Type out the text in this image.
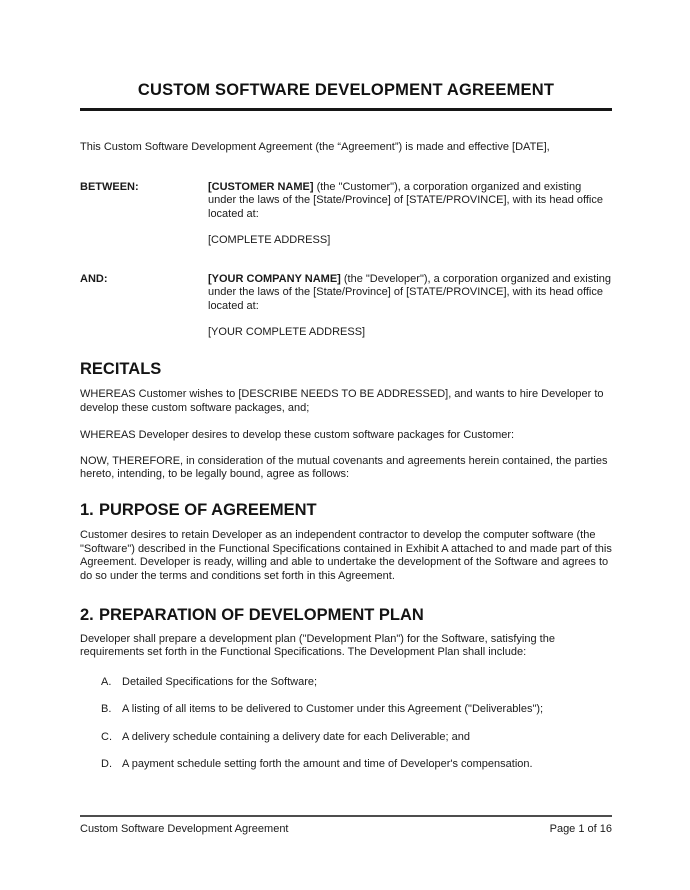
CUSTOM SOFTWARE DEVELOPMENT AGREEMENT

This Custom Software Development Agreement (the “Agreement”) is made and effective [DATE],

BETWEEN:	[CUSTOMER NAME] (the "Customer"), a corporation organized and existing under the laws of the [State/Province] of [STATE/PROVINCE], with its head office located at:

[COMPLETE ADDRESS]

AND:	[YOUR COMPANY NAME] (the "Developer"), a corporation organized and existing under the laws of the [State/Province] of [STATE/PROVINCE], with its head office located at:

[YOUR COMPLETE ADDRESS]

RECITALS

WHEREAS Customer wishes to [DESCRIBE NEEDS TO BE ADDRESSED], and wants to hire Developer to develop these custom software packages, and;

WHEREAS Developer desires to develop these custom software packages for Customer:

NOW, THEREFORE, in consideration of the mutual covenants and agreements herein contained, the parties hereto, intending, to be legally bound, agree as follows:

1. PURPOSE OF AGREEMENT

Customer desires to retain Developer as an independent contractor to develop the computer software (the "Software") described in the Functional Specifications contained in Exhibit A attached to and made part of this Agreement. Developer is ready, willing and able to undertake the development of the Software and agrees to do so under the terms and conditions set forth in this Agreement.

2. PREPARATION OF DEVELOPMENT PLAN

Developer shall prepare a development plan ("Development Plan") for the Software, satisfying the requirements set forth in the Functional Specifications. The Development Plan shall include:

A. Detailed Specifications for the Software;
B. A listing of all items to be delivered to Customer under this Agreement ("Deliverables");
C. A delivery schedule containing a delivery date for each Deliverable; and
D. A payment schedule setting forth the amount and time of Developer's compensation.
Custom Software Development Agreement	Page 1 of 16
